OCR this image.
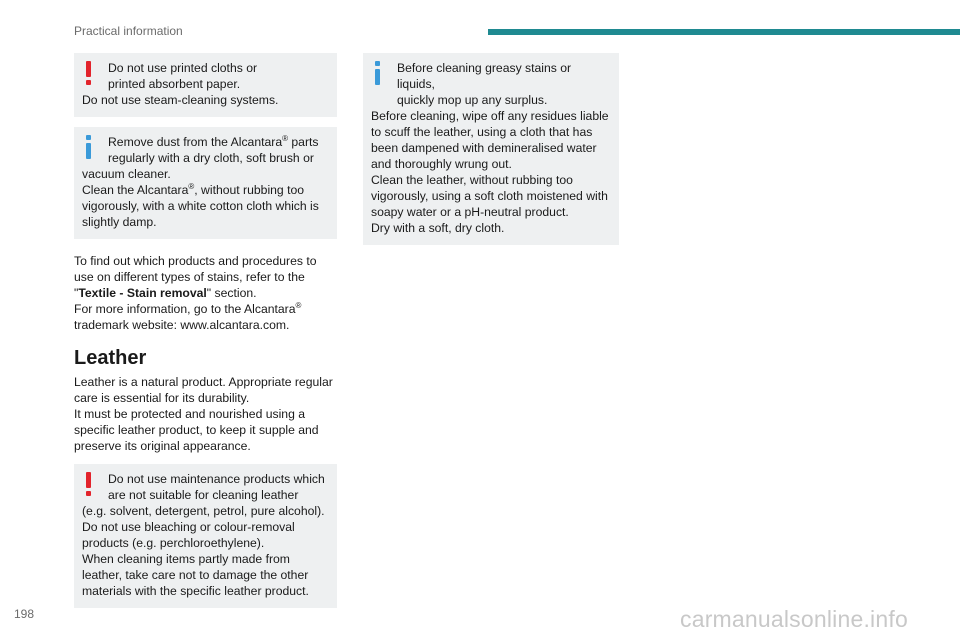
Practical information
Do not use printed cloths or
printed absorbent paper.
Do not use steam-cleaning systems.
Remove dust from the Alcantara® parts
regularly with a dry cloth, soft brush or
vacuum cleaner.
Clean the Alcantara®, without rubbing too
vigorously, with a white cotton cloth which is
slightly damp.
To find out which products and procedures to
use on different types of stains, refer to the
"Textile - Stain removal" section.
For more information, go to the Alcantara®
trademark website: www.alcantara.com.
Leather
Leather is a natural product. Appropriate regular
care is essential for its durability.
It must be protected and nourished using a
specific leather product, to keep it supple and
preserve its original appearance.
Do not use maintenance products which
are not suitable for cleaning leather
(e.g. solvent, detergent, petrol, pure alcohol).
Do not use bleaching or colour-removal
products (e.g. perchloroethylene).
When cleaning items partly made from
leather, take care not to damage the other
materials with the specific leather product.
Before cleaning greasy stains or liquids,
quickly mop up any surplus.
Before cleaning, wipe off any residues liable
to scuff the leather, using a cloth that has
been dampened with demineralised water
and thoroughly wrung out.
Clean the leather, without rubbing too
vigorously, using a soft cloth moistened with
soapy water or a pH-neutral product.
Dry with a soft, dry cloth.
198	carmanualsonline.info
